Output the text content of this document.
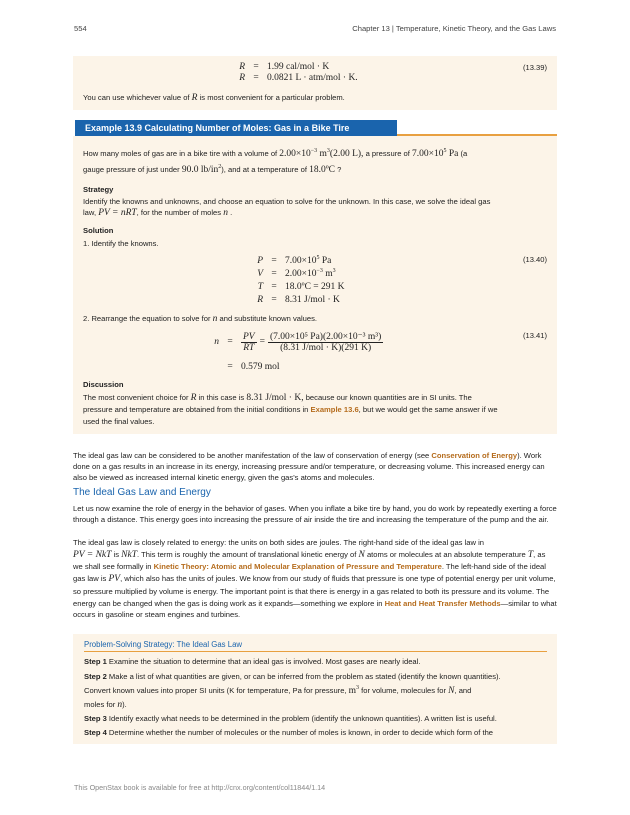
554	Chapter 13 | Temperature, Kinetic Theory, and the Gas Laws
R = 1.99 cal/mol · K
R = 0.0821 L · atm/mol · K.
(13.39)
You can use whichever value of R is most convenient for a particular problem.
Example 13.9 Calculating Number of Moles: Gas in a Bike Tire
How many moles of gas are in a bike tire with a volume of $2.00\times 10^{-3}$ $m^3(2.00$ L), a pressure of $7.00\times 10^5$ Pa (a
gauge pressure of just under 90.0 $lb/in^2$), and at a temperature of 18.0ºC ?
Strategy
Identify the knowns and unknowns, and choose an equation to solve for the unknown. In this case, we solve the ideal gas
law, PV = nRT, for the number of moles n .
Solution
1. Identify the knowns.
$P = 7.00\times 10^5$ Pa
$V = 2.00\times 10^{-3}$ $m^3$
T = 18.0ºC = 291 K
R = 8.31 J/mol · K
(13.40)
2. Rearrange the equation to solve for n and substitute known values.
$n = \frac{PV}{RT} = \frac{\text{(7.00×10⁵ Pa)(2.00×10⁻³ m³)}}{\text{(8.31 J/mol · K)(291 K)}}$
= 0.579 mol
(13.41)
Discussion
The most convenient choice for R in this case is 8.31 J/mol · K, because our known quantities are in SI units. The
pressure and temperature are obtained from the initial conditions in Example 13.6, but we would get the same answer if we
used the final values.
The ideal gas law can be considered to be another manifestation of the law of conservation of energy (see Conservation of Energy). Work done on a gas results in an increase in its energy, increasing pressure and/or temperature, or decreasing volume. This increased energy can also be viewed as increased internal kinetic energy, given the gas's atoms and molecules.
The Ideal Gas Law and Energy
Let us now examine the role of energy in the behavior of gases. When you inflate a bike tire by hand, you do work by repeatedly exerting a force through a distance. This energy goes into increasing the pressure of air inside the tire and increasing the temperature of the pump and the air.
The ideal gas law is closely related to energy: the units on both sides are joules. The right-hand side of the ideal gas law in
PV = NkT is NkT. This term is roughly the amount of translational kinetic energy of N atoms or molecules at an absolute temperature T, as we shall see formally in Kinetic Theory: Atomic and Molecular Explanation of Pressure and Temperature. The left-hand side of the ideal gas law is PV, which also has the units of joules. We know from our study of fluids that pressure is one type of potential energy per unit volume, so pressure multiplied by volume is energy. The important point is that there is energy in a gas related to both its pressure and its volume. The energy can be changed when the gas is doing work as it expands—something we explore in Heat and Heat Transfer Methods—similar to what occurs in gasoline or steam engines and turbines.
Problem-Solving Strategy: The Ideal Gas Law
Step 1 Examine the situation to determine that an ideal gas is involved. Most gases are nearly ideal.
Step 2 Make a list of what quantities are given, or can be inferred from the problem as stated (identify the known quantities).
Convert known values into proper SI units (K for temperature, Pa for pressure, $m^3$ for volume, molecules for N, and
moles for n).
Step 3 Identify exactly what needs to be determined in the problem (identify the unknown quantities). A written list is useful.
Step 4 Determine whether the number of molecules or the number of moles is known, in order to decide which form of the
This OpenStax book is available for free at http://cnx.org/content/col11844/1.14
